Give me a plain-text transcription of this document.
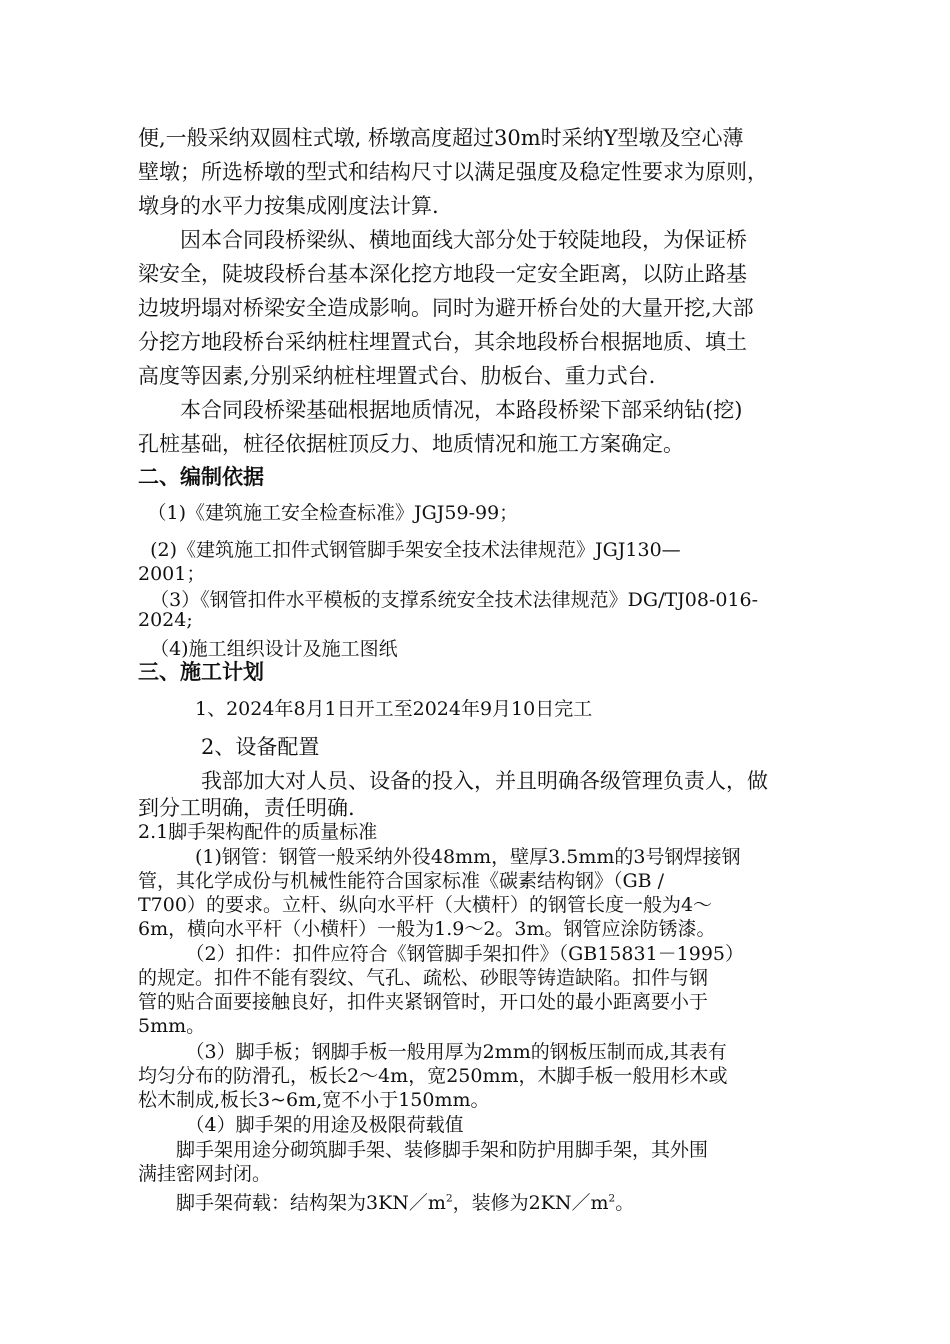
便,一般采纳双圆柱式墩, 桥墩高度超过30m时采纳Y型墩及空心薄
壁墩；所选桥墩的型式和结构尺寸以满足强度及稳定性要求为原则，
墩身的水平力按集成刚度法计算.
　　因本合同段桥梁纵、横地面线大部分处于较陡地段，为保证桥
梁安全，陡坡段桥台基本深化挖方地段一定安全距离，以防止路基
边坡坍塌对桥梁安全造成影响。同时为避开桥台处的大量开挖,大部
分挖方地段桥台采纳桩柱埋置式台，其余地段桥台根据地质、填土
高度等因素,分别采纳桩柱埋置式台、肋板台、重力式台.
　　本合同段桥梁基础根据地质情况，本路段桥梁下部采纳钻(挖)
孔桩基础，桩径依据桩顶反力、地质情况和施工方案确定。
二、编制依据
　（1)《建筑施工安全检查标准》JGJ59-99；
(2)《建筑施工扣件式钢管脚手架安全技术法律规范》JGJ130—
2001；
（3）《钢管扣件水平模板的支撑系统安全技术法律规范》DG/TJ08-016-
2024;
（4)施工组织设计及施工图纸
三、施工计划
　　　1、2024年8月1日开工至2024年9月10日完工
　　　2、设备配置
　　　我部加大对人员、设备的投入，并且明确各级管理负责人，做
到分工明确，责任明确.
2.1脚手架构配件的质量标准
　　　(1)钢管：钢管一般采纳外役48mm，壁厚3.5mm的3号钢焊接钢
管，其化学成份与机械性能符合国家标准《碳素结构钢》（GB /
T700）的要求。立杆、纵向水平杆（大横杆）的钢管长度一般为4～
6m，横向水平杆（小横杆）一般为1.9～2。3m。钢管应涂防锈漆。
　　　（2）扣件：扣件应符合《钢管脚手架扣件》（GB15831－1995）
的规定。扣件不能有裂纹、气孔、疏松、砂眼等铸造缺陷。扣件与钢
管的贴合面要接触良好，扣件夹紧钢管时，开口处的最小距离要小于
5mm。
　　　（3）脚手板；钢脚手板一般用厚为2mm的钢板压制而成,其表有
均匀分布的防滑孔，板长2～4m，宽250mm，木脚手板一般用杉木或
松木制成,板长3~6m,宽不小于150mm。
　　　（4）脚手架的用途及极限荷载值
　　脚手架用途分砌筑脚手架、装修脚手架和防护用脚手架，其外围
满挂密网封闭。
　　脚手架荷载：结构架为$3KN/m^2$，装修为$2KN/m^2$。
